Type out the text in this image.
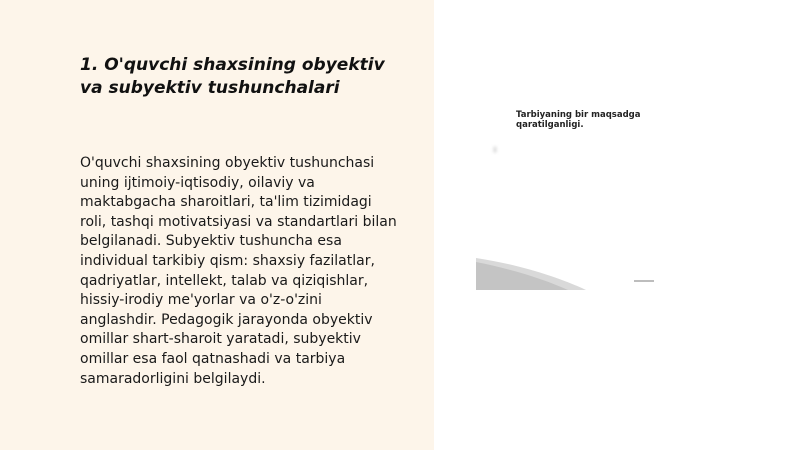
1. O'quvchi shaxsining obyektiv va subyektiv tushunchalari

O'quvchi shaxsining obyektiv tushunchasi uning ijtimoiy-iqtisodiy, oilaviy va maktabgacha sharoitlari, ta'lim tizimidagi roli, tashqi motivatsiyasi va standartlari bilan belgilanadi. Subyektiv tushuncha esa individual tarkibiy qism: shaxsiy fazilatlar, qadriyatlar, intellekt, talab va qiziqishlar, hissiy-irodiy me'yorlar va o'z-o'zini anglashdir. Pedagogik jarayonda obyektiv omillar shart-sharoit yaratadi, subyektiv omillar esa faol qatnashadi va tarbiya samaradorligini belgilaydi.

Tarbiyaning bir maqsadga qaratilganligi.
